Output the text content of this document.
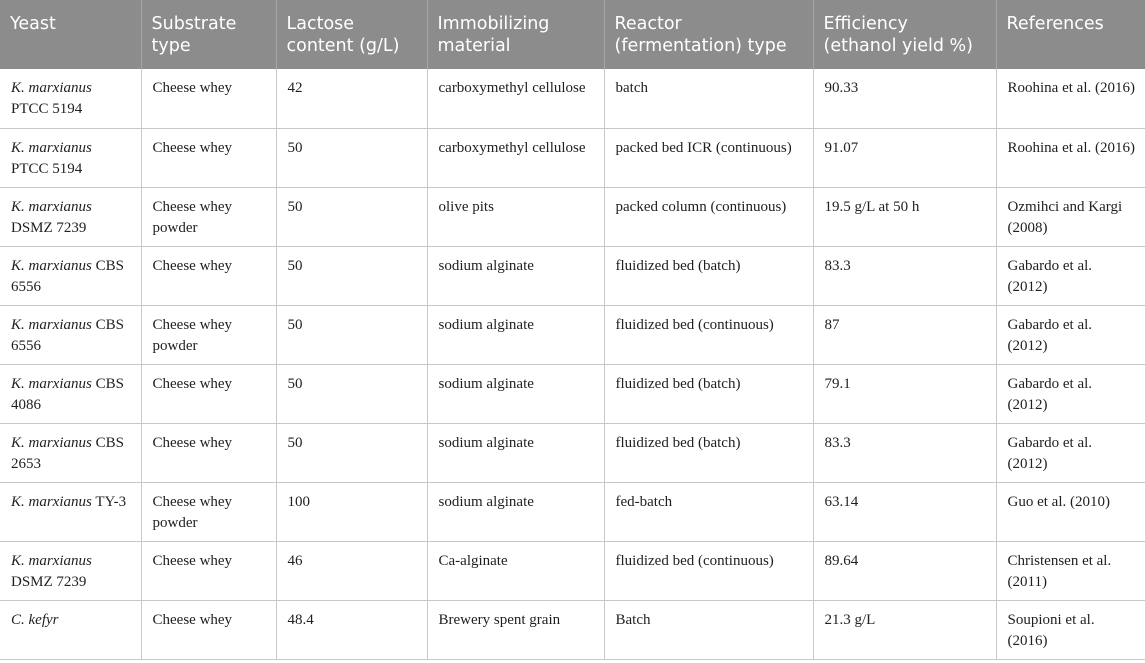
Yeast	Substrate type	Lactose content (g/L)	Immobilizing material	Reactor (fermentation) type	Efficiency (ethanol yield %)	References
K. marxianus PTCC 5194	Cheese whey	42	carboxymethyl cellulose	batch	90.33	Roohina et al. (2016)
K. marxianus PTCC 5194	Cheese whey	50	carboxymethyl cellulose	packed bed ICR (continuous)	91.07	Roohina et al. (2016)
K. marxianus DSMZ 7239	Cheese whey powder	50	olive pits	packed column (continuous)	19.5 g/L at 50 h	Ozmihci and Kargi (2008)
K. marxianus CBS 6556	Cheese whey	50	sodium alginate	fluidized bed (batch)	83.3	Gabardo et al. (2012)
K. marxianus CBS 6556	Cheese whey powder	50	sodium alginate	fluidized bed (continuous)	87	Gabardo et al. (2012)
K. marxianus CBS 4086	Cheese whey	50	sodium alginate	fluidized bed (batch)	79.1	Gabardo et al. (2012)
K. marxianus CBS 2653	Cheese whey	50	sodium alginate	fluidized bed (batch)	83.3	Gabardo et al. (2012)
K. marxianus TY-3	Cheese whey powder	100	sodium alginate	fed-batch	63.14	Guo et al. (2010)
K. marxianus DSMZ 7239	Cheese whey	46	Ca-alginate	fluidized bed (continuous)	89.64	Christensen et al. (2011)
C. kefyr	Cheese whey	48.4	Brewery spent grain	Batch	21.3 g/L	Soupioni et al. (2016)
